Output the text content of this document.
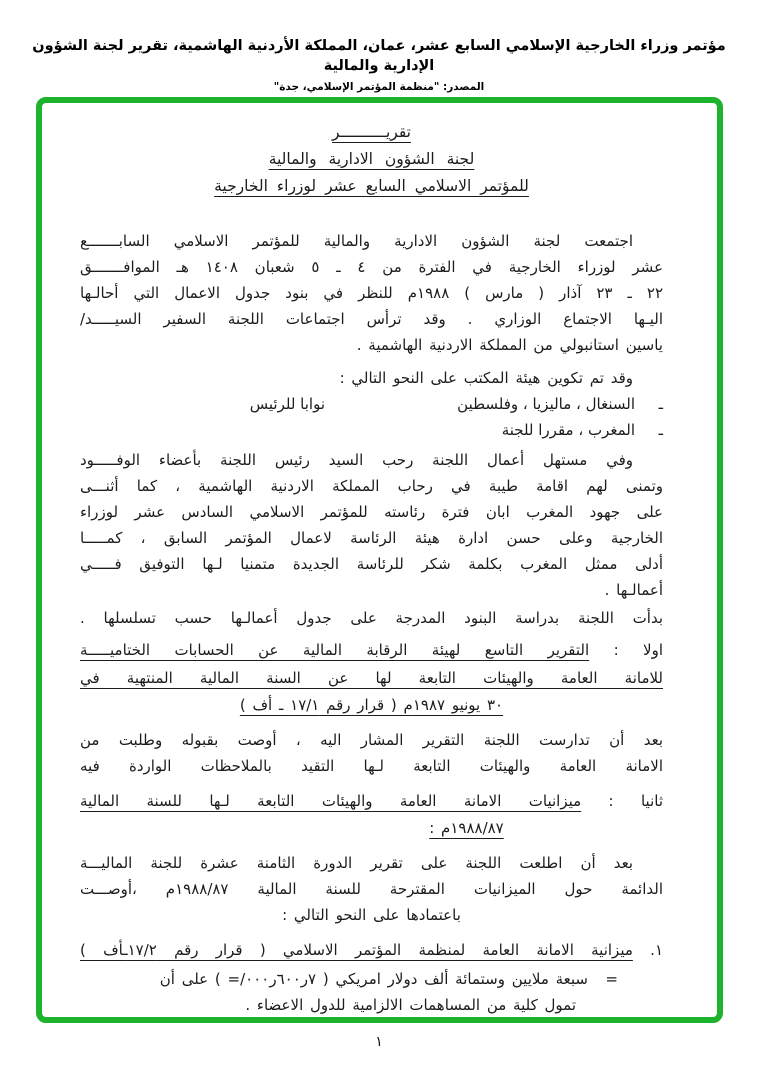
مؤتمر وزراء الخارجية الإسلامي السابع عشر، عمان، المملكة الأردنية الهاشمية، تقرير لجنة الشؤون الإدارية والمالية
المصدر: "منظمة المؤتمر الإسلامي، جدة"
تقريــــــــــر
لجنة الشؤون الادارية والمالية
للمؤتمر الاسلامي السابع عشر لوزراء الخارجية
اجتمعت لجنة الشؤون الادارية والمالية للمؤتمر الاسلامي السابـــــــع
عشر لوزراء الخارجية في الفترة من ٤ ـ ٥ شعبان ١٤٠٨ هـ الموافـــــــق
٢٢ ـ ٢٣ آذار ( مارس ) ١٩٨٨م للنظر في بنود جدول الاعمال التي أحالـها
اليـها الاجتماع الوزاري . وقد ترأس اجتماعات اللجنة السفير السيـــــد/
ياسين استانبولي من المملكة الاردنية الهاشمية .
وقد تم تكوين هيئة المكتب على النحو التالي :
ـ
السنغال ، ماليزيا ، وفلسطين
نوابا للرئيس
ـ
المغرب ، مقررا للجنة
وفي مستهل أعمال اللجنة رحب السيد رئيس اللجنة بأعضاء الوفـــــود
وتمنى لهم اقامة طيبة في رحاب المملكة الاردنية الهاشمية ، كما أثنـــى
على جهود المغرب ابان فترة رئاسته للمؤتمر الاسلامي السادس عشر لوزراء
الخارجية وعلى حسن ادارة هيئة الرئاسة لاعمال المؤتمر السابق ، كمـــــا
أدلى ممثل المغرب بكلمة شكر للرئاسة الجديدة متمنيا لـها التوفيق فـــــي
أعمالـها .
بدأت اللجنة بدراسة البنود المدرجة على جدول أعمالـها حسب تسلسلها .
اولا : التقرير التاسع لهيئة الرقابة المالية عن الحسابات الختاميـــــة
للامانة العامة والهيئات التابعة لها عن السنة المالية المنتهية في
٣٠ يونيو ١٩٨٧م ( قرار رقم ١٧/١ ـ أف )
بعد أن تدارست اللجنة التقرير المشار اليه ، أوصت بقبوله وطلبت من
الامانة العامة والهيئات التابعة لـها التقيد بالملاحظات الواردة فيه
ثانيا : ميزانيات الامانة العامة والهيئات التابعة لـها للسنة المالية
١٩٨٨/٨٧م :
بعد أن اطلعت اللجنة على تقرير الدورة الثامنة عشرة للجنة الماليـــة
الدائمة حول الميزانيات المقترحة للسنة المالية ١٩٨٨/٨٧م ،أوصـــت
باعتمادها على النحو التالي :
.١ ميزانية الامانة العامة لمنظمة المؤتمر الاسلامي ( قرار رقم ١٧/٢ـأف )
=
سبعة ملايين وستمائة ألف دولار امريكي ( ٧ر٦٠٠ر٠٠٠/= ) على أن
تمول كلية من المساهمات الالزامية للدول الاعضاء .
١
